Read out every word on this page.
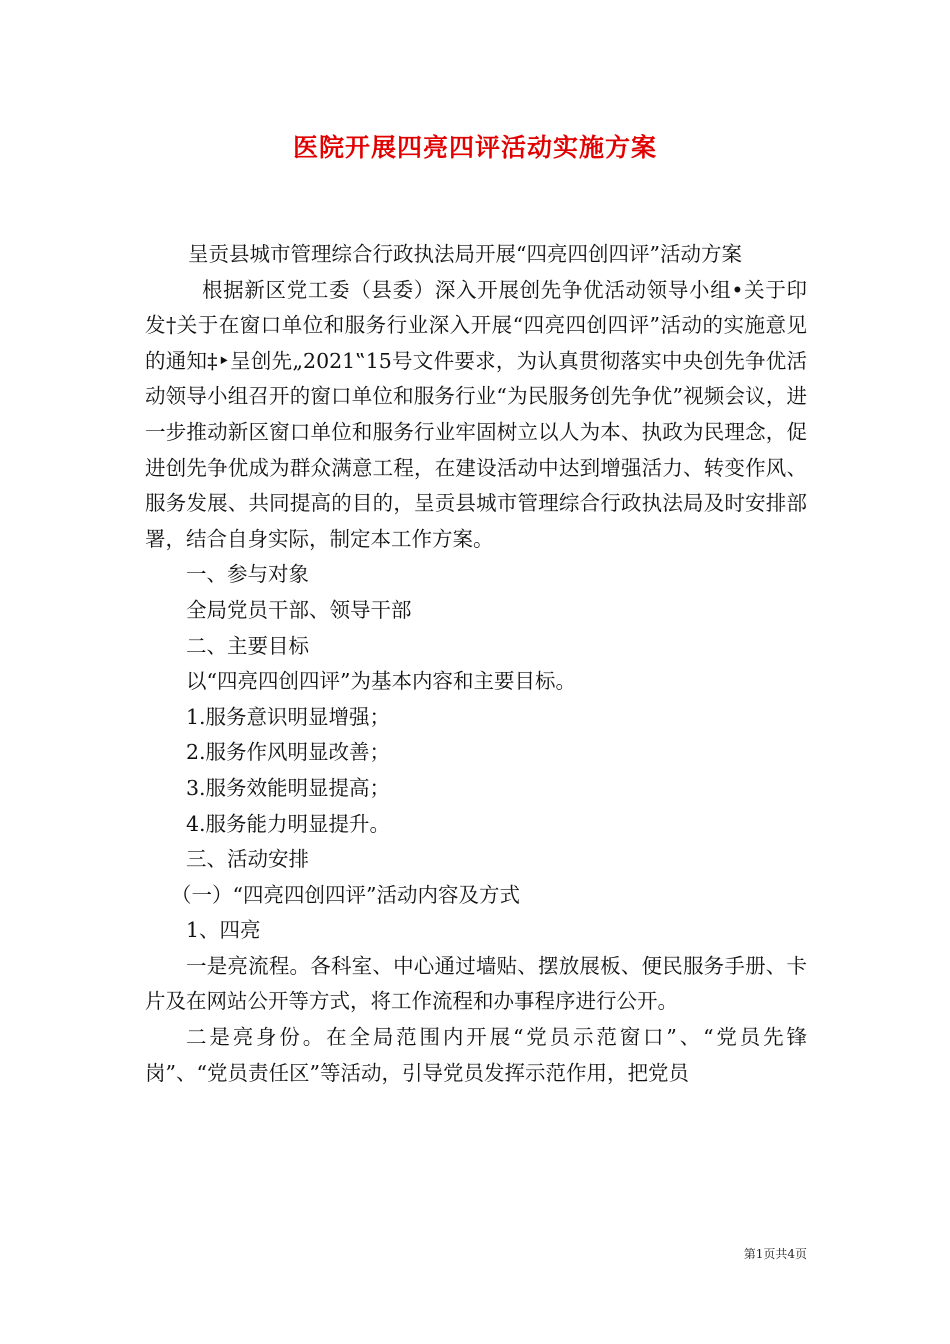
医院开展四亮四评活动实施方案

呈贡县城市管理综合行政执法局开展“四亮四创四评”活动方案

根据新区党工委（县委）深入开展创先争优活动领导小组•关于印发†关于在窗口单位和服务行业深入开展“四亮四创四评”活动的实施意见的通知‡‣呈创先„2021‟15号文件要求，为认真贯彻落实中央创先争优活动领导小组召开的窗口单位和服务行业“为民服务创先争优”视频会议，进一步推动新区窗口单位和服务行业牢固树立以人为本、执政为民理念，促进创先争优成为群众满意工程，在建设活动中达到增强活力、转变作风、服务发展、共同提高的目的，呈贡县城市管理综合行政执法局及时安排部署，结合自身实际，制定本工作方案。

一、参与对象

全局党员干部、领导干部

二、主要目标

以“四亮四创四评”为基本内容和主要目标。

1.服务意识明显增强；

2.服务作风明显改善；

3.服务效能明显提高；

4.服务能力明显提升。

三、活动安排

（一）“四亮四创四评”活动内容及方式

1、四亮

一是亮流程。各科室、中心通过墙贴、摆放展板、便民服务手册、卡片及在网站公开等方式，将工作流程和办事程序进行公开。

二是亮身份。在全局范围内开展“党员示范窗口”、“党员先锋岗”、“党员责任区”等活动，引导党员发挥示范作用，把党员

第1页共4页
